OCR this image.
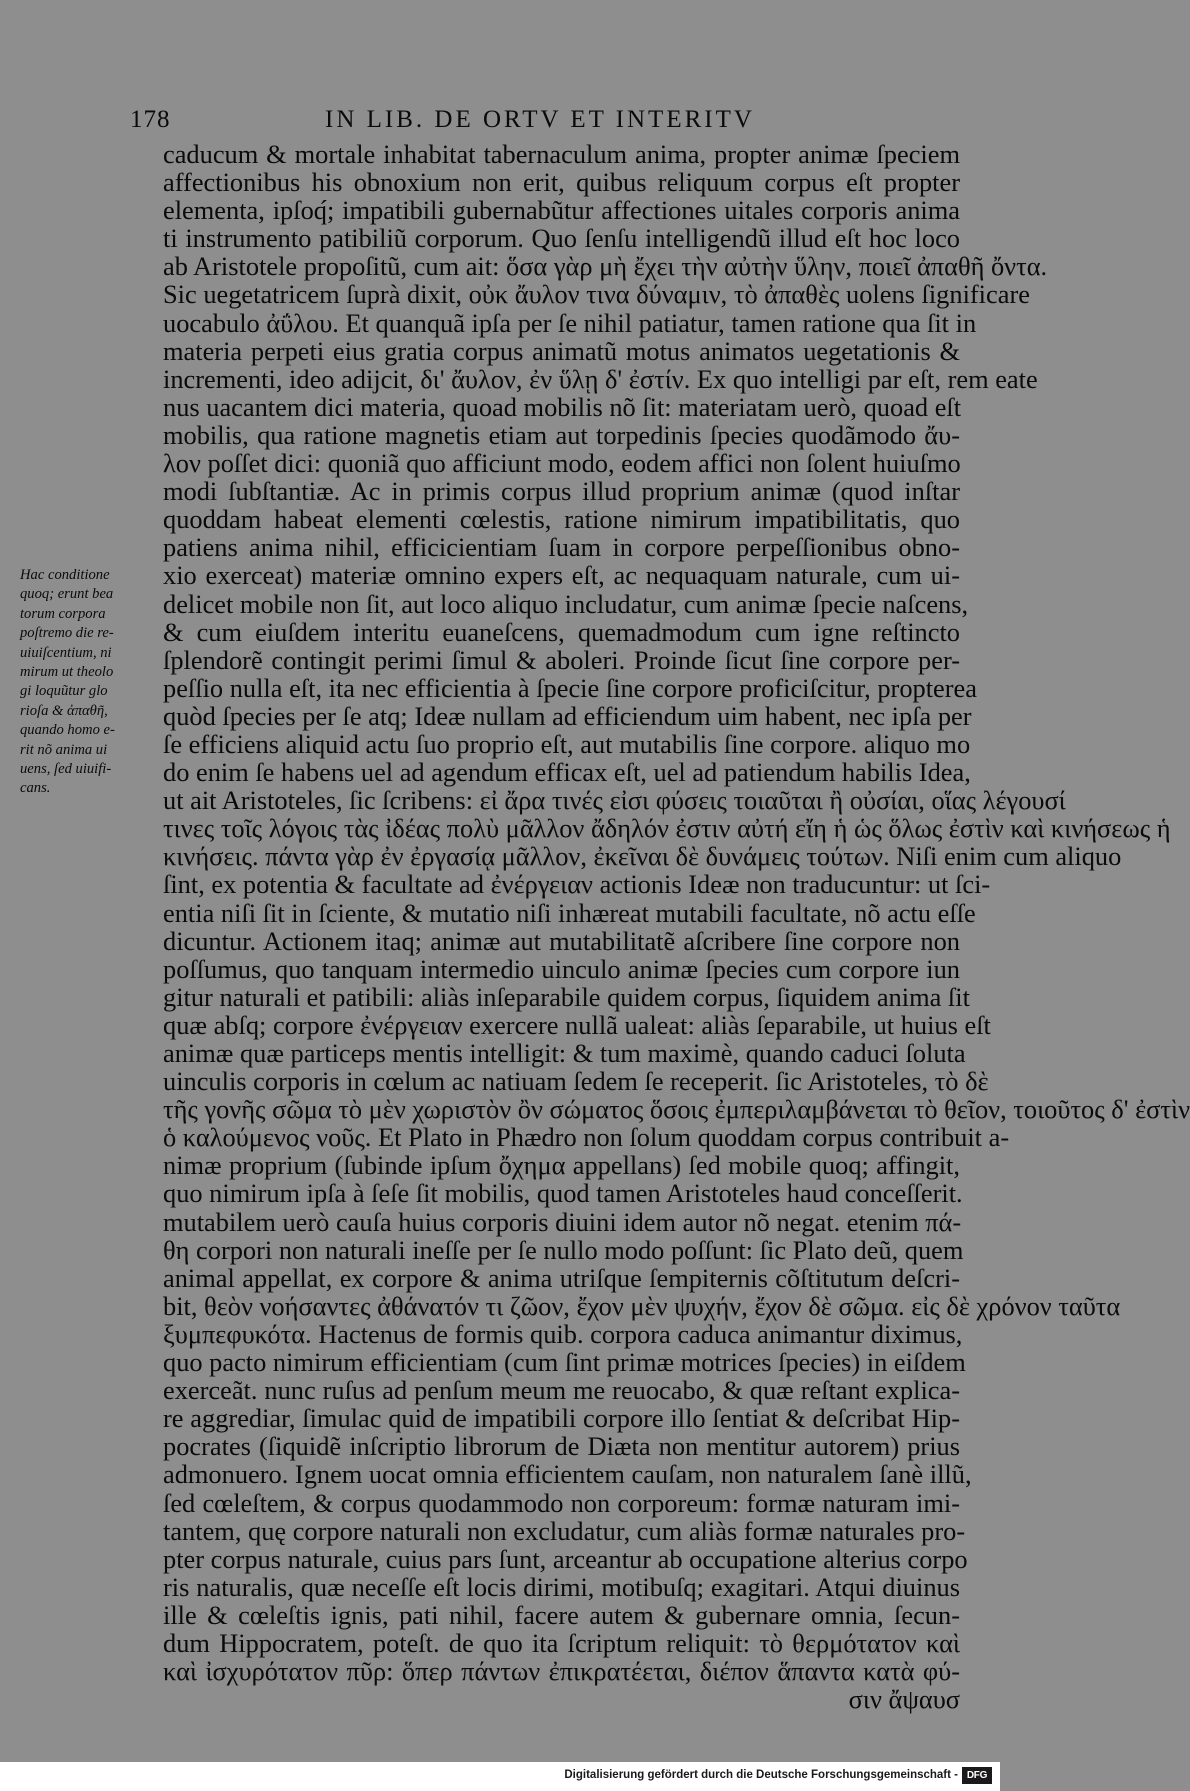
178	IN LIB. DE ORTV ET INTERITV
caducum & mortale inhabitat tabernaculum anima, propter animæ ſpeciem
affectionibus his obnoxium non erit, quibus reliquum corpus eſt propter
elementa, ipſoq́; impatibili gubernabũtur affectiones uitales corporis anima
ti instrumento patibiliũ corporum. Quo ſenſu intelligendũ illud eſt hoc loco
ab Aristotele propoſitũ, cum ait: ὅσα γὰρ μὴ ἔχει τὴν αὐτὴν ὕλην, ποιεῖ ἀπαθῆ ὄντα.
Sic uegetatricem ſuprà dixit, οὐκ ἄυλον τινα δύναμιν, τὸ ἀπαθὲς uolens ſignificare
uocabulo ἀΰλου. Et quanquã ipſa per ſe nihil patiatur, tamen ratione qua ſit in
materia perpeti eius gratia corpus animatũ motus animatos uegetationis &
incrementi, ideo adijcit, δι' ἄυλον, ἐν ὕλῃ δ' ἐστίν. Ex quo intelligi par eſt, rem eate
nus uacantem dici materia, quoad mobilis nõ ſit: materiatam uerò, quoad eſt
mobilis, qua ratione magnetis etiam aut torpedinis ſpecies quodãmodo ἄυ-
λον poſſet dici: quoniã quo afficiunt modo, eodem affici non ſolent huiuſmo
modi ſubſtantiæ. Ac in primis corpus illud proprium animæ (quod inſtar
quoddam habeat elementi cœlestis, ratione nimirum impatibilitatis, quo
patiens anima nihil, efficicientiam ſuam in corpore perpeſſionibus obno-
xio exerceat) materiæ omnino expers eſt, ac nequaquam naturale, cum ui-
delicet mobile non ſit, aut loco aliquo includatur, cum animæ ſpecie naſcens,
& cum eiuſdem interitu euaneſcens, quemadmodum cum igne reſtincto
ſplendorẽ contingit perimi ſimul & aboleri. Proinde ſicut ſine corpore per-
peſſio nulla eſt, ita nec efficientia à ſpecie ſine corpore proficiſcitur, propterea
quòd ſpecies per ſe atq; Ideæ nullam ad efficiendum uim habent, nec ipſa per
ſe efficiens aliquid actu ſuo proprio eſt, aut mutabilis ſine corpore. aliquo mo
do enim ſe habens uel ad agendum efficax eſt, uel ad patiendum habilis Idea,
ut ait Aristoteles, ſic ſcribens: εἰ ἄρα τινές εἰσι φύσεις τοιαῦται ἢ οὐσίαι, οἵας λέγουσί
τινες τοῖς λόγοις τὰς ἰδέας πολὺ μᾶλλον ἄδηλόν ἐστιν αὐτή εἴη ἡ ὡς ὅλως ἐστὶν καὶ κινήσεως ἡ
κινήσεις. πάντα γὰρ ἐν ἐργασίᾳ μᾶλλον, ἐκεῖναι δὲ δυνάμεις τούτων. Niſi enim cum aliquo
ſint, ex potentia & facultate ad ἐνέργειαν actionis Ideæ non traducuntur: ut ſci-
entia niſi ſit in ſciente, & mutatio niſi inhæreat mutabili facultate, nõ actu eſſe
dicuntur. Actionem itaq; animæ aut mutabilitatẽ aſcribere ſine corpore non
poſſumus, quo tanquam intermedio uinculo animæ ſpecies cum corpore iun
gitur naturali et patibili: aliàs inſeparabile quidem corpus, ſiquidem anima ſit
quæ abſq; corpore ἐνέργειαν exercere nullã ualeat: aliàs ſeparabile, ut huius eſt
animæ quæ particeps mentis intelligit: & tum maximè, quando caduci ſoluta
uinculis corporis in cœlum ac natiuam ſedem ſe receperit. ſic Aristoteles, τὸ δὲ
τῆς γονῆς σῶμα τὸ μὲν χωριστὸν ὂν σώματος ὅσοις ἐμπεριλαμβάνεται τὸ θεῖον, τοιοῦτος δ' ἐστὶν
ὁ καλούμενος νοῦς. Et Plato in Phædro non ſolum quoddam corpus contribuit a-
nimæ proprium (ſubinde ipſum ὄχημα appellans) ſed mobile quoq; affingit,
quo nimirum ipſa à ſeſe ſit mobilis, quod tamen Aristoteles haud conceſſerit.
mutabilem uerò cauſa huius corporis diuini idem autor nõ negat. etenim πά-
θη corpori non naturali ineſſe per ſe nullo modo poſſunt: ſic Plato deũ, quem
animal appellat, ex corpore & anima utriſque ſempiternis cõſtitutum deſcri-
bit, θεὸν νοήσαντες ἀθάνατόν τι ζῶον, ἔχον μὲν ψυχήν, ἔχον δὲ σῶμα. εἰς δὲ χρόνον ταῦτα
ξυμπεφυκότα. Hactenus de formis quib. corpora caduca animantur diximus,
quo pacto nimirum efficientiam (cum ſint primæ motrices ſpecies) in eiſdem
exerceãt. nunc ruſus ad penſum meum me reuocabo, & quæ reſtant explica-
re aggrediar, ſimulac quid de impatibili corpore illo ſentiat & deſcribat Hip-
pocrates (ſiquidẽ inſcriptio librorum de Diæta non mentitur autorem) prius
admonuero. Ignem uocat omnia efficientem cauſam, non naturalem ſanè illũ,
ſed cœleſtem, & corpus quodammodo non corporeum: formæ naturam imi-
tantem, quę corpore naturali non excludatur, cum aliàs formæ naturales pro-
pter corpus naturale, cuius pars ſunt, arceantur ab occupatione alterius corpo
ris naturalis, quæ neceſſe eſt locis dirimi, motibuſq; exagitari. Atqui diuinus
ille & cœleſtis ignis, pati nihil, facere autem & gubernare omnia, ſecun-
dum Hippocratem, poteſt. de quo ita ſcriptum reliquit: τὸ θερμότατον καὶ
καὶ ἰσχυρότατον πῦρ: ὅπερ πάντων ἐπικρατέεται, διέπον ἅπαντα κατὰ φύ-
σιν ἄψαυσ
Hac conditione
quoq; erunt bea
torum corpora
poſtremo die re-
uiuiſcentium, ni
mirum ut theolo
gi loquũtur glo
rioſa & ἀπαθῆ,
quando homo e-
rit nõ anima ui
uens, ſed uiuifi-
cans.
Digitalisierung gefördert durch die Deutsche Forschungsgemeinschaft - DFG
